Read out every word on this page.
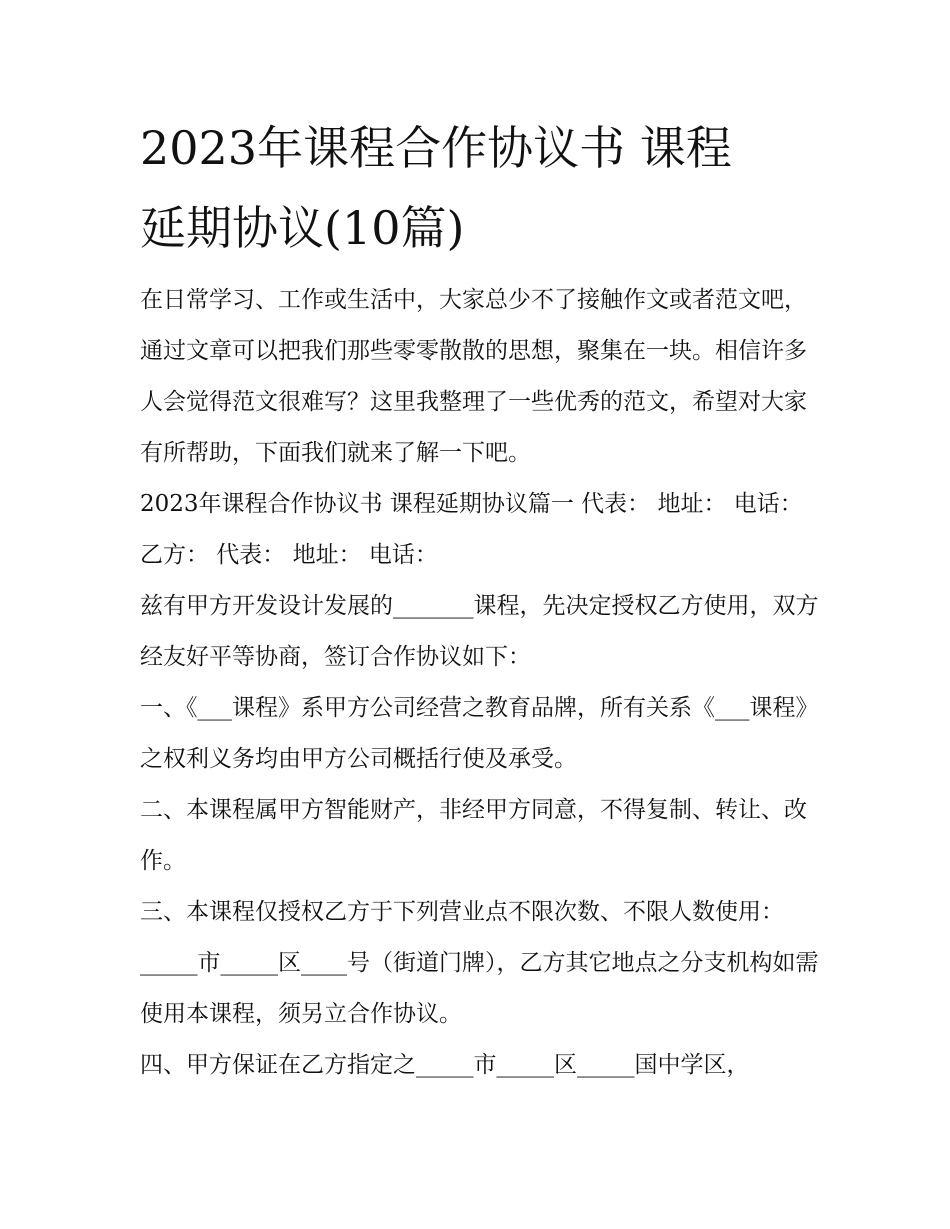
2023年课程合作协议书 课程
延期协议(10篇)

在日常学习、工作或生活中，大家总少不了接触作文或者范文吧，通过文章可以把我们那些零零散散的思想，聚集在一块。相信许多人会觉得范文很难写？这里我整理了一些优秀的范文，希望对大家有所帮助，下面我们就来了解一下吧。

2023年课程合作协议书 课程延期协议篇一 代表： 地址： 电话： 乙方： 代表： 地址： 电话：

兹有甲方开发设计发展的_______课程，先决定授权乙方使用，双方经友好平等协商，签订合作协议如下：

一、《___课程》系甲方公司经营之教育品牌，所有关系《___课程》之权利义务均由甲方公司概括行使及承受。

二、本课程属甲方智能财产，非经甲方同意，不得复制、转让、改作。

三、本课程仅授权乙方于下列营业点不限次数、不限人数使用：_____市_____区____号（街道门牌），乙方其它地点之分支机构如需使用本课程，须另立合作协议。

四、甲方保证在乙方指定之_____市_____区_____国中学区，
